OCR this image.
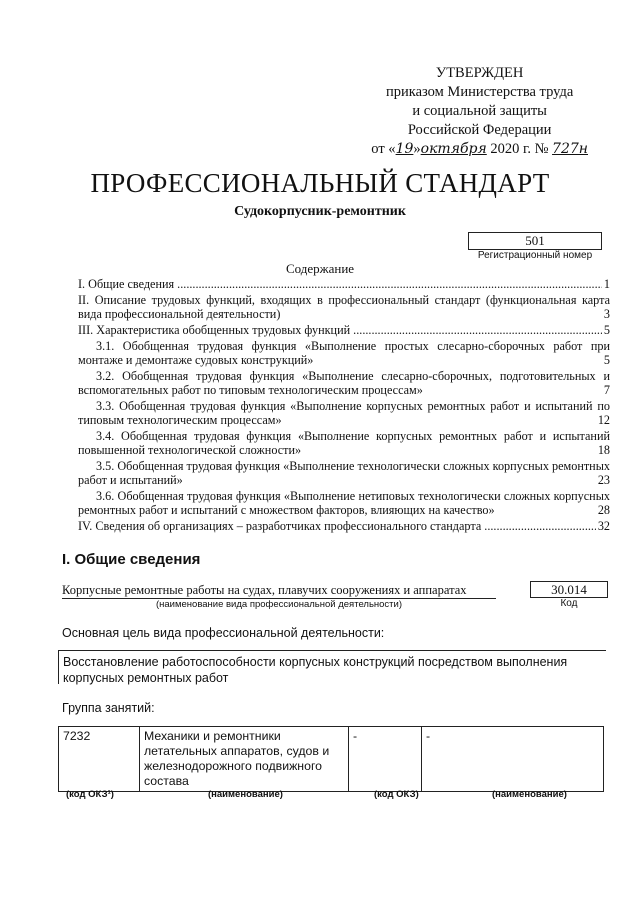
УТВЕРЖДЕН
приказом Министерства труда
и социальной защиты
Российской Федерации
от «19»октября 2020 г. № 727н
ПРОФЕССИОНАЛЬНЫЙ СТАНДАРТ
Судокорпусник-ремонтник
501
Регистрационный номер
Содержание
I. Общие сведения .....	1
II. Описание трудовых функций, входящих в профессиональный стандарт (функциональная карта вида профессиональной деятельности)	3
III. Характеристика обобщенных трудовых функций .....	5
3.1. Обобщенная трудовая функция «Выполнение простых слесарно-сборочных работ при монтаже и демонтаже судовых конструкций»	5
3.2. Обобщенная трудовая функция «Выполнение слесарно-сборочных, подготовительных и вспомогательных работ по типовым технологическим процессам»	7
3.3. Обобщенная трудовая функция «Выполнение корпусных ремонтных работ и испытаний по типовым технологическим процессам»	12
3.4. Обобщенная трудовая функция «Выполнение корпусных ремонтных работ и испытаний повышенной технологической сложности»	18
3.5. Обобщенная трудовая функция «Выполнение технологически сложных корпусных ремонтных работ и испытаний»	23
3.6. Обобщенная трудовая функция «Выполнение нетиповых технологически сложных корпусных ремонтных работ и испытаний с множеством факторов, влияющих на качество»	28
IV. Сведения об организациях – разработчиках профессионального стандарта .....	32
I. Общие сведения
Корпусные ремонтные работы на судах, плавучих сооружениях и аппаратах
(наименование вида профессиональной деятельности)
30.014
Код
Основная цель вида профессиональной деятельности:
Восстановление работоспособности корпусных конструкций посредством выполнения корпусных ремонтных работ
Группа занятий:
7232	Механики и ремонтники летательных аппаратов, судов и железнодорожного подвижного состава	-	-
(код ОКЗ¹)	(наименование)	(код ОКЗ)	(наименование)
